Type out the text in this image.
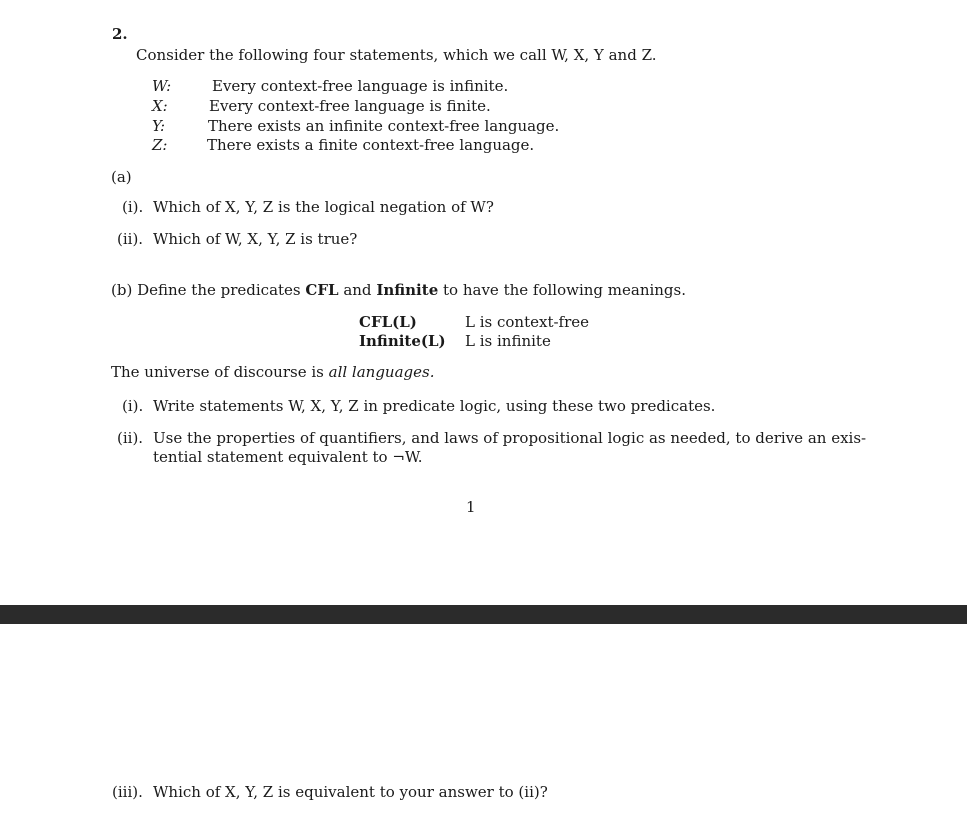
2.
Consider the following four statements, which we call W, X, Y and Z.
W:	Every context-free language is infinite.
X:	Every context-free language is finite.
Y:	There exists an infinite context-free language.
Z:	There exists a finite context-free language.
(a)
(i). Which of X, Y, Z is the logical negation of W?
(ii). Which of W, X, Y, Z is true?
(b) Define the predicates CFL and Infinite to have the following meanings.
CFL(L)	L is context-free
Infinite(L) L is infinite
The universe of discourse is all languages.
(i). Write statements W, X, Y, Z in predicate logic, using these two predicates.
(ii). Use the properties of quantifiers, and laws of propositional logic as needed, to derive an exis-
tential statement equivalent to ¬W.
1
(iii). Which of X, Y, Z is equivalent to your answer to (ii)?
